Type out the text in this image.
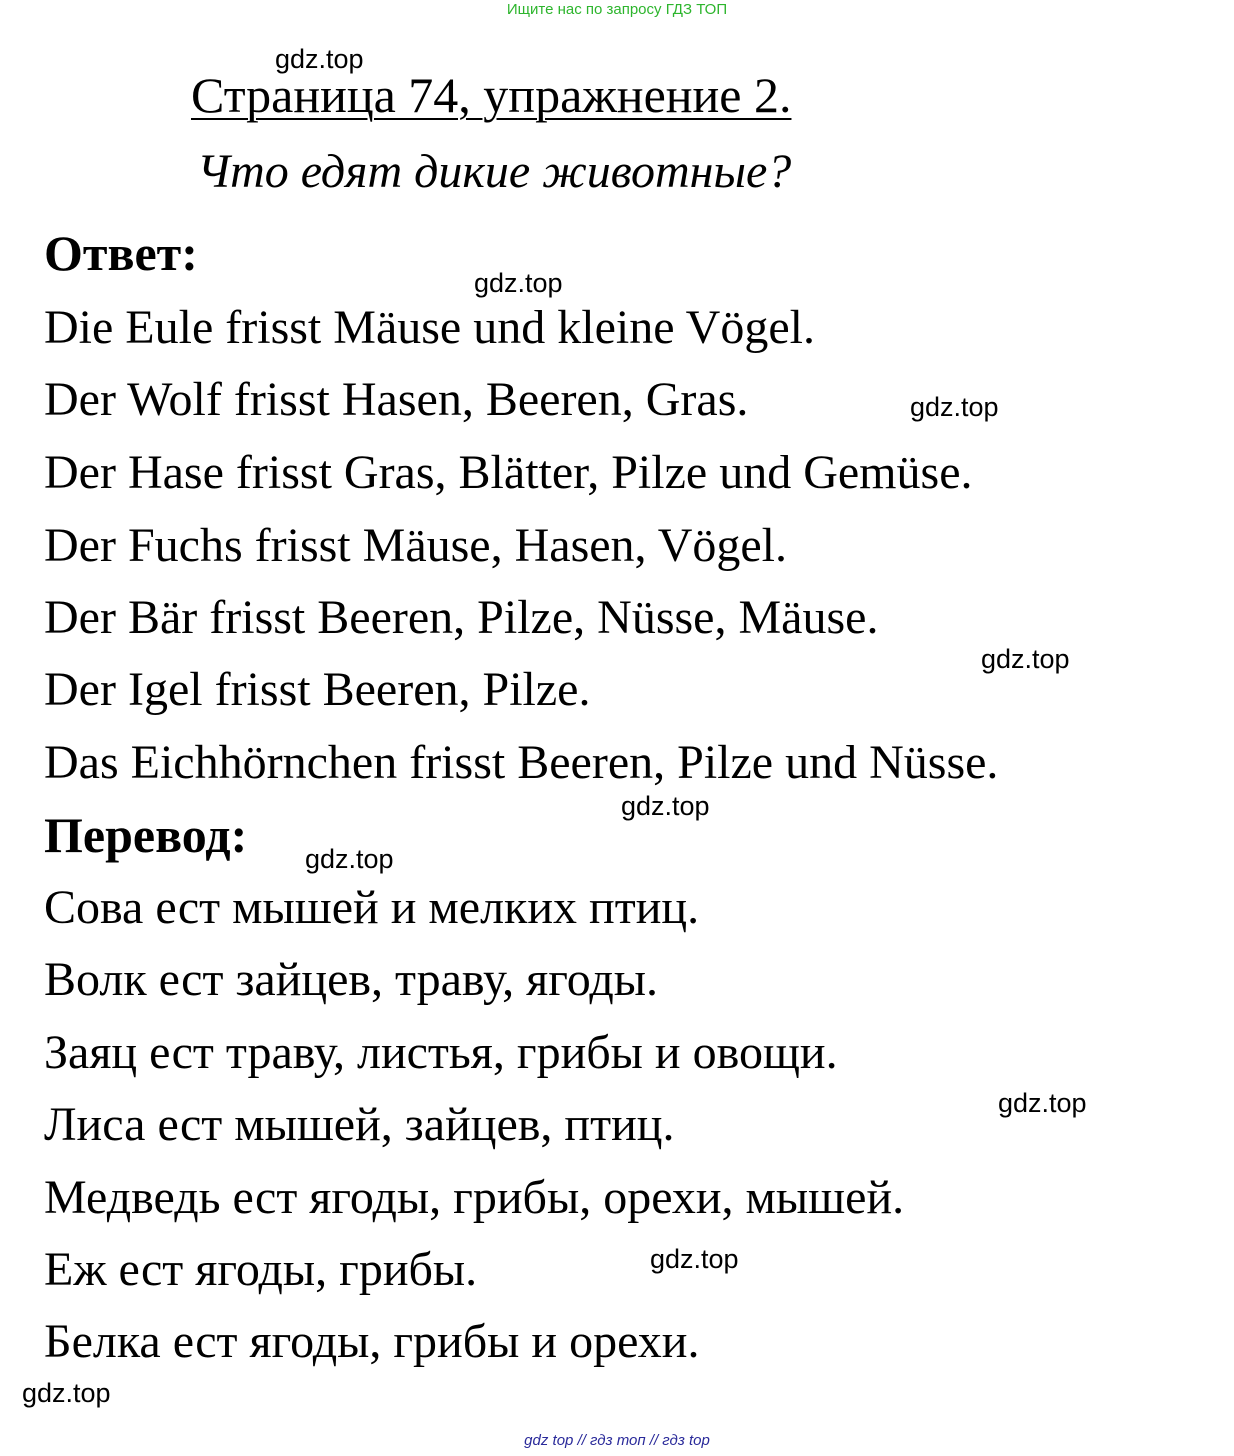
Ищите нас по запросу ГДЗ ТОП
gdz.top
Страница 74, упражнение 2.
Что едят дикие животные?
Ответ:
gdz.top
Die Eule frisst Mäuse und kleine Vögel.
Der Wolf frisst Hasen, Beeren, Gras.	gdz.top
Der Hase frisst Gras, Blätter, Pilze und Gemüse.
Der Fuchs frisst Mäuse, Hasen, Vögel.
Der Bär frisst Beeren, Pilze, Nüsse, Mäuse.
gdz.top
Der Igel frisst Beeren, Pilze.
Das Eichhörnchen frisst Beeren, Pilze und Nüsse.
gdz.top
Перевод: gdz.top
Сова ест мышей и мелких птиц.
Волк ест зайцев, траву, ягоды.
Заяц ест траву, листья, грибы и овощи.
gdz.top
Лиса ест мышей, зайцев, птиц.
Медведь ест ягоды, грибы, орехи, мышей.
gdz.top
Еж ест ягоды, грибы.
Белка ест ягоды, грибы и орехи.
gdz.top
gdz top // гдз топ // гдз top
